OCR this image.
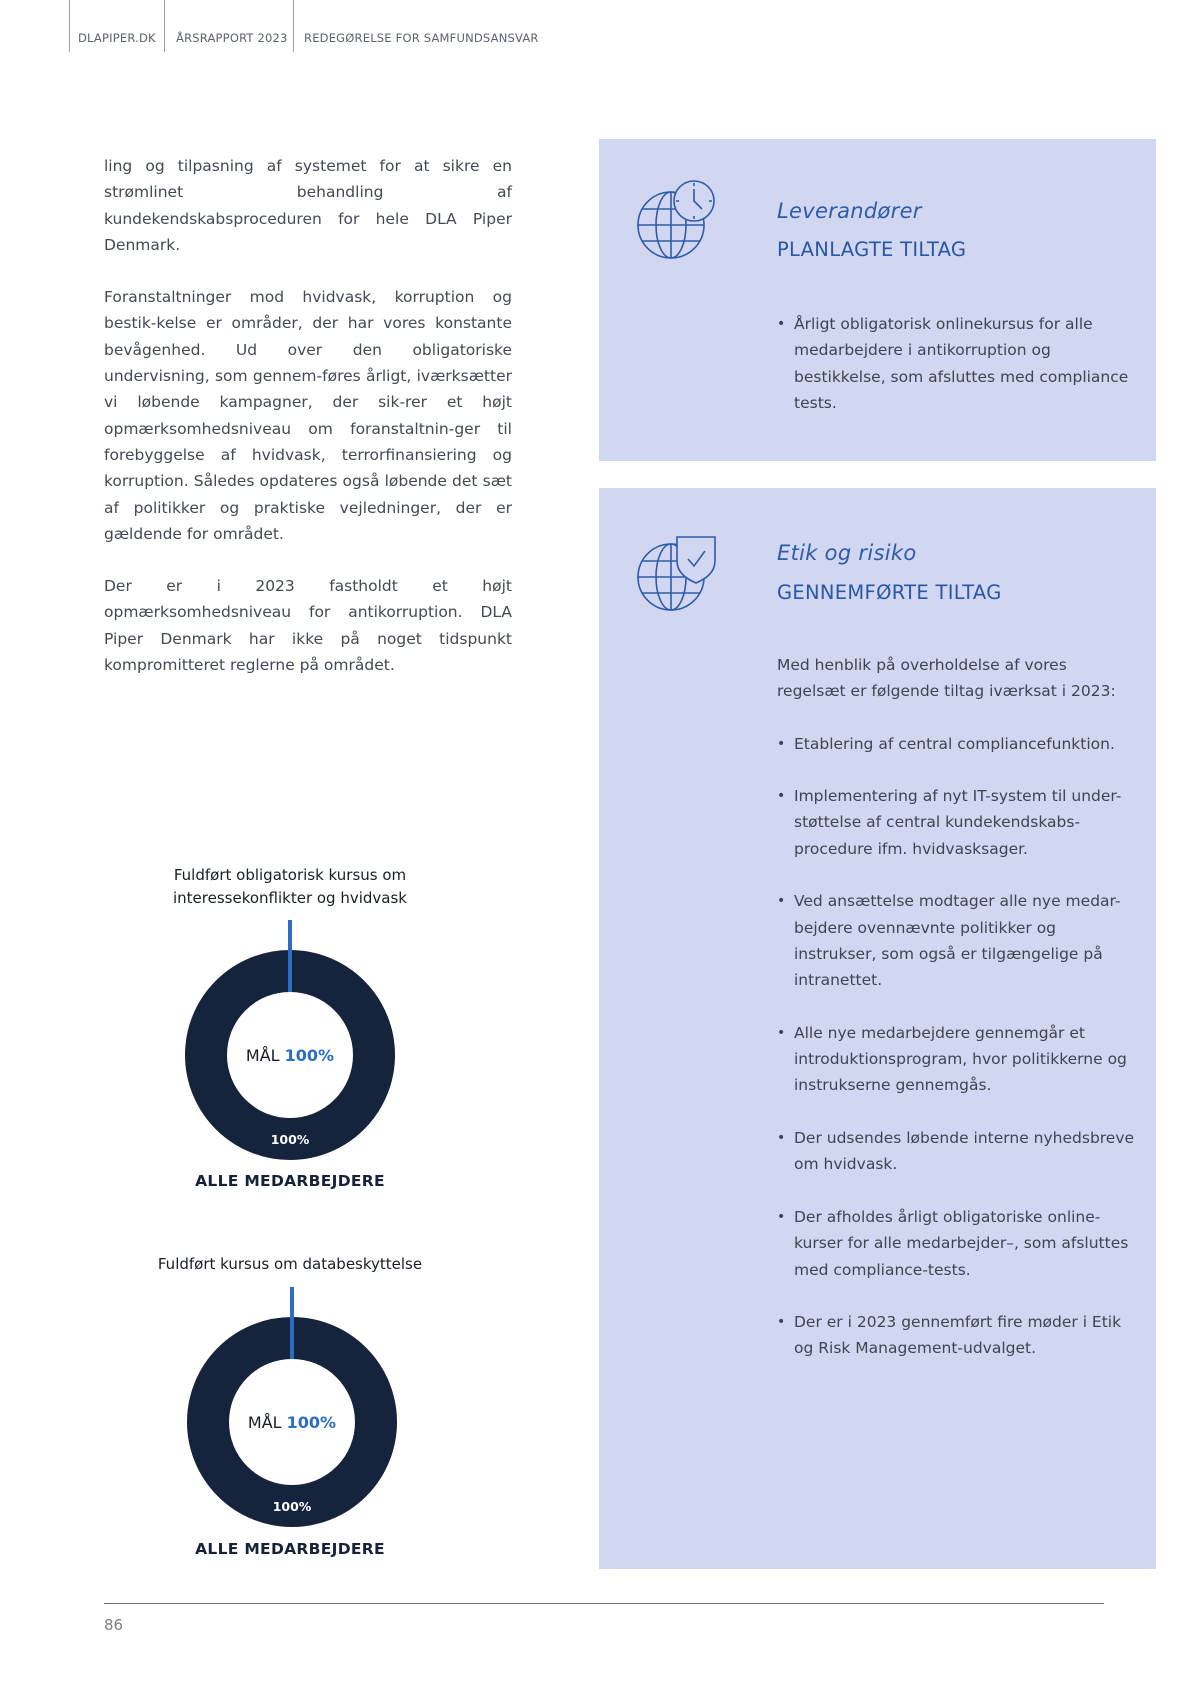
DLAPIPER.DK ÅRSRAPPORT 2023 REDEGØRELSE FOR SAMFUNDSANSVAR

ling og tilpasning af systemet for at sikre en strømlinet behandling af kundekendskabsproceduren for hele DLA Piper Denmark.

Foranstaltninger mod hvidvask, korruption og bestik-kelse er områder, der har vores konstante bevågenhed. Ud over den obligatoriske undervisning, som gennem-føres årligt, iværksætter vi løbende kampagner, der sik-rer et højt opmærksomhedsniveau om foranstaltnin-ger til forebyggelse af hvidvask, terrorfinansiering og korruption. Således opdateres også løbende det sæt af politikker og praktiske vejledninger, der er gældende for området.

Der er i 2023 fastholdt et højt opmærksomhedsniveau for antikorruption. DLA Piper Denmark har ikke på noget tidspunkt kompromitteret reglerne på området.

Fuldført obligatorisk kursus om
interessekonflikter og hvidvask
MÅL 100%
100%
ALLE MEDARBEJDERE
Fuldført kursus om databeskyttelse
MÅL 100%
100%
ALLE MEDARBEJDERE
Leverandører
PLANLAGTE TILTAG
• Årligt obligatorisk onlinekursus for alle medarbejdere i antikorruption og bestikkelse, som afsluttes med compliance tests.
Etik og risiko
GENNEMFØRTE TILTAG

Med henblik på overholdelse af vores regelsæt er følgende tiltag iværksat i 2023:

• Etablering af central compliancefunktion.
• Implementering af nyt IT-system til under-støttelse af central kundekendskabs-procedure ifm. hvidvasksager.
• Ved ansættelse modtager alle nye medar-bejdere ovennævnte politikker og instrukser, som også er tilgængelige på intranettet.
• Alle nye medarbejdere gennemgår et introduktionsprogram, hvor politikkerne og instrukserne gennemgås.
• Der udsendes løbende interne nyhedsbreve om hvidvask.
• Der afholdes årligt obligatoriske online-kurser for alle medarbejder–, som afsluttes med compliance-tests.
• Der er i 2023 gennemført fire møder i Etik og Risk Management-udvalget.
86
